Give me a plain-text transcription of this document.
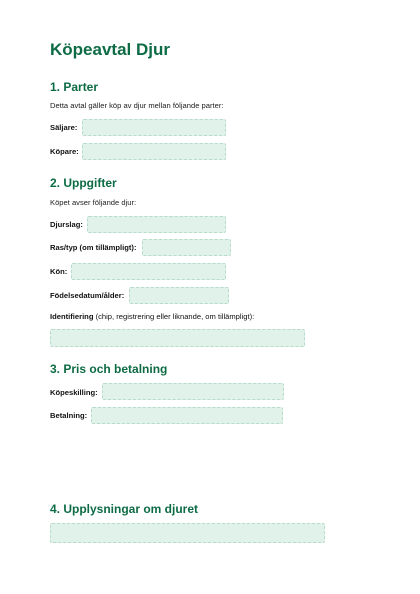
Köpeavtal Djur
1. Parter
Detta avtal gäller köp av djur mellan följande parter:
Säljare:
Köpare:
2. Uppgifter
Köpet avser följande djur:
Djurslag:
Ras/typ (om tillämpligt):
Kön:
Födelsedatum/ålder:
Identifiering (chip, registrering eller liknande, om tillämpligt):
3. Pris och betalning
Köpeskilling:
Betalning:
4. Upplysningar om djuret
